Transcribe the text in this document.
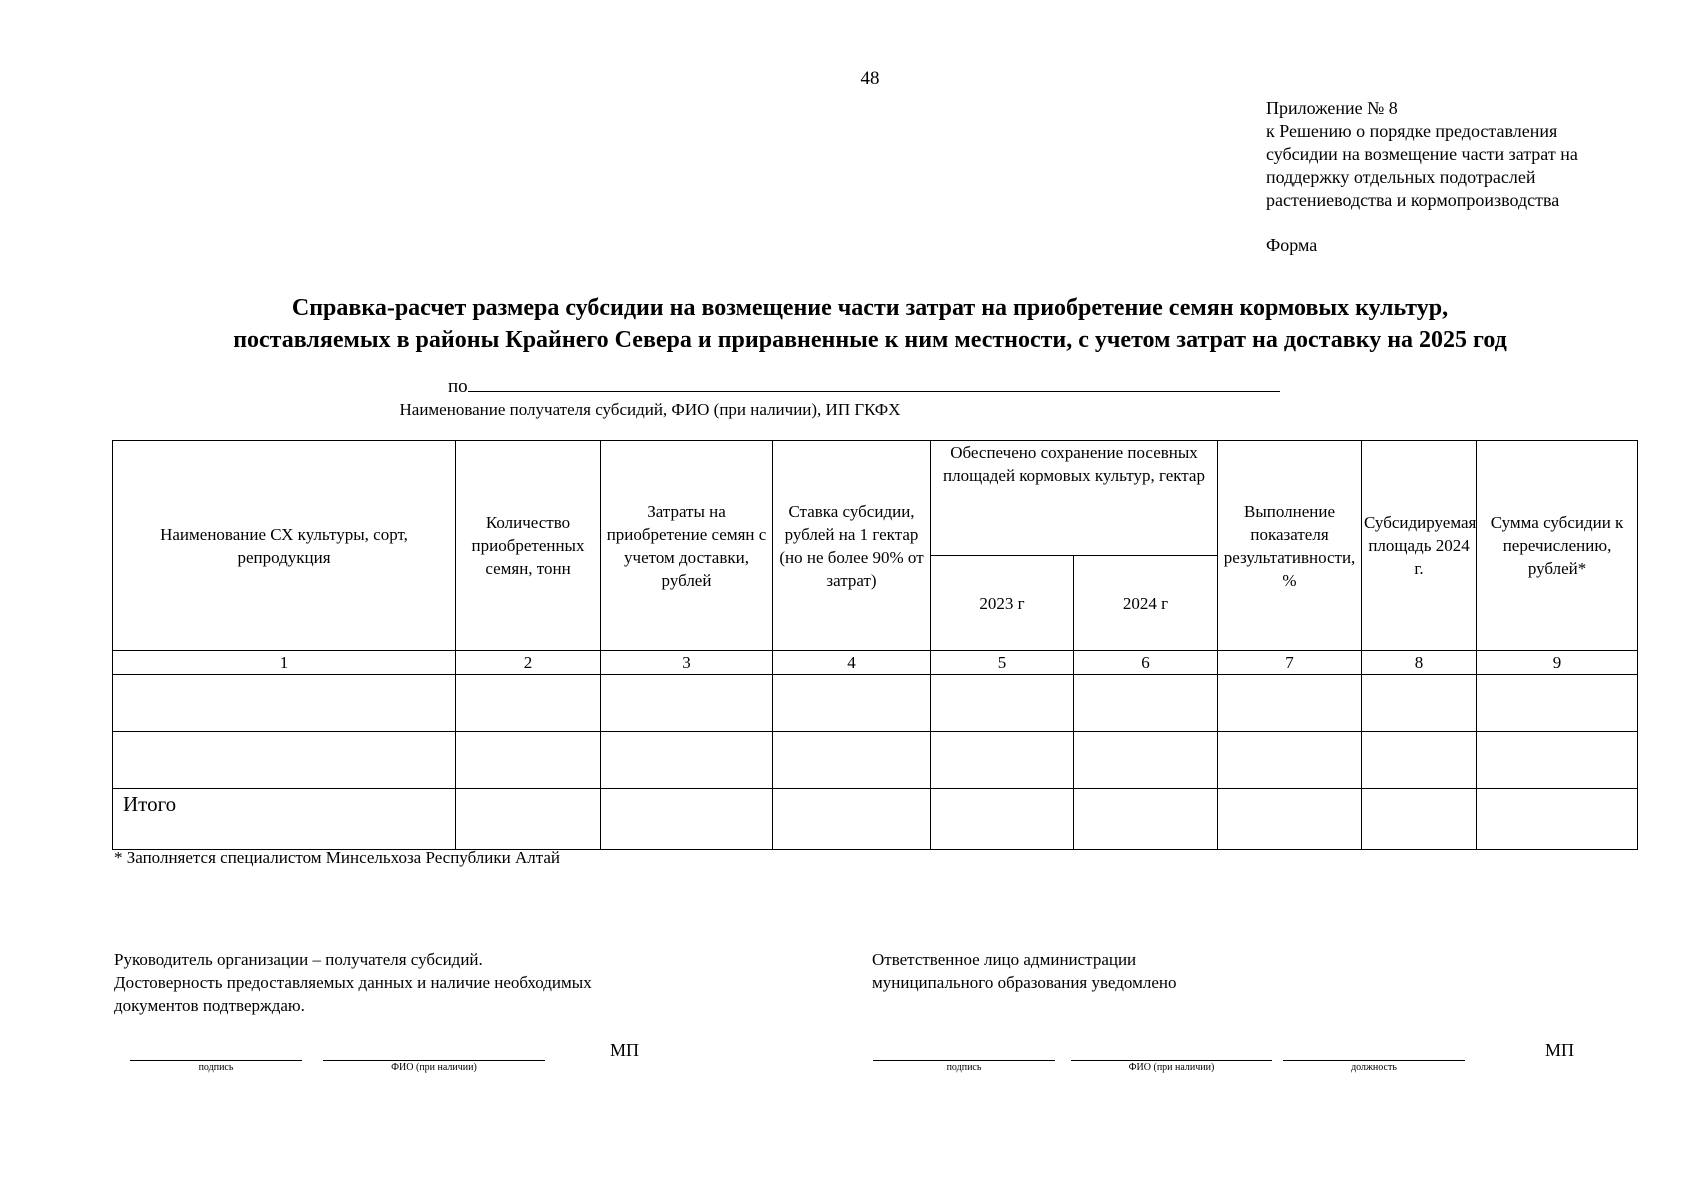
48
Приложение № 8
к Решению о порядке предоставления
субсидии на возмещение части затрат на
поддержку отдельных подотраслей
растениеводства и кормопроизводства
Форма
Справка-расчет размера субсидии на возмещение части затрат на приобретение семян кормовых культур,
поставляемых в районы Крайнего Севера и приравненные к ним местности, с учетом затрат на доставку на 2025 год
по
Наименование получателя субсидий, ФИО (при наличии), ИП ГКФХ
Наименование СХ культуры, сорт, репродукция	Количество приобретенных семян, тонн	Затраты на приобретение семян с учетом доставки, рублей	Ставка субсидии, рублей на 1 гектар (но не более 90% от затрат)	Обеспечено сохранение посевных площадей кормовых культур, гектар		Выполнение показателя результативности, %	Субсидируемая площадь 2024 г.	Сумма субсидии к перечислению, рублей*
				2023 г	2024 г			
1	2	3	4	5	6	7	8	9

Итого								
* Заполняется специалистом Минсельхоза Республики Алтай
Руководитель организации – получателя субсидий.
Достоверность предоставляемых данных и наличие необходимых
документов подтверждаю.
Ответственное лицо администрации
муниципального образования уведомлено
подпись	ФИО (при наличии)
МП
подпись	ФИО (при наличии)	должность
МП
